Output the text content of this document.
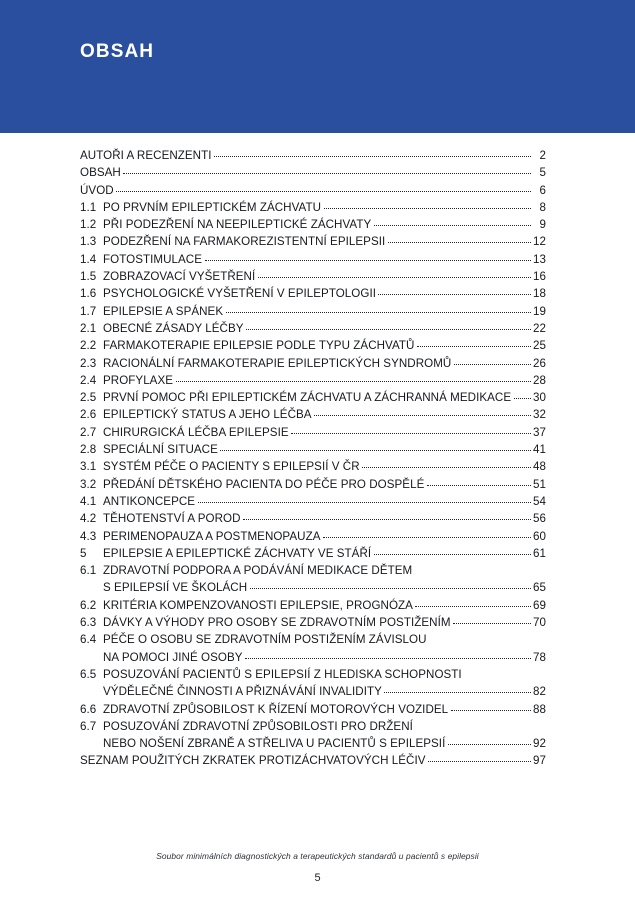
OBSAH
AUTOŘI A RECENZENTI	2
OBSAH	5
ÚVOD	6
1.1 PO PRVNÍM EPILEPTICKÉM ZÁCHVATU	8
1.2 PŘI PODEZŘENÍ NA NEEPILEPTICKÉ ZÁCHVATY	9
1.3 PODEZŘENÍ NA FARMAKOREZISTENTNÍ EPILEPSII	12
1.4 FOTOSTIMULACE	13
1.5 ZOBRAZOVACÍ VYŠETŘENÍ	16
1.6 PSYCHOLOGICKÉ VYŠETŘENÍ V EPILEPTOLOGII	18
1.7 EPILEPSIE A SPÁNEK	19
2.1 OBECNÉ ZÁSADY LÉČBY	22
2.2 FARMAKOTERAPIE EPILEPSIE PODLE TYPU ZÁCHVATŮ	25
2.3 RACIONÁLNÍ FARMAKOTERAPIE EPILEPTICKÝCH SYNDROMŮ	26
2.4 PROFYLAXE	28
2.5 PRVNÍ POMOC PŘI EPILEPTICKÉM ZÁCHVATU A ZÁCHRANNÁ MEDIKACE 30
2.6 EPILEPTICKÝ STATUS A JEHO LÉČBA	32
2.7 CHIRURGICKÁ LÉČBA EPILEPSIE	37
2.8 SPECIÁLNÍ SITUACE	41
3.1 SYSTÉM PÉČE O PACIENTY S EPILEPSIÍ V ČR	48
3.2 PŘEDÁNÍ DĚTSKÉHO PACIENTA DO PÉČE PRO DOSPĚLÉ	51
4.1 ANTIKONCEPCE	54
4.2 TĚHOTENSTVÍ A POROD	56
4.3 PERIMENOPAUZA A POSTMENOPAUZA	60
5	EPILEPSIE A EPILEPTICKÉ ZÁCHVATY VE STÁŘÍ	61
6.1 ZDRAVOTNÍ PODPORA A PODÁVÁNÍ MEDIKACE DĚTEM
S EPILEPSIÍ VE ŠKOLÁCH	65
6.2 KRITÉRIA KOMPENZOVANOSTI EPILEPSIE, PROGNÓZA	69
6.3 DÁVKY A VÝHODY PRO OSOBY SE ZDRAVOTNÍM POSTIŽENÍM	70
6.4 PÉČE O OSOBU SE ZDRAVOTNÍM POSTIŽENÍM ZÁVISLOU
NA POMOCI JINÉ OSOBY	78
6.5 POSUZOVÁNÍ PACIENTŮ S EPILEPSIÍ Z HLEDISKA SCHOPNOSTI
VÝDĚLEČNÉ ČINNOSTI A PŘIZNÁVÁNÍ INVALIDITY	82
6.6 ZDRAVOTNÍ ZPŮSOBILOST K ŘÍZENÍ MOTOROVÝCH VOZIDEL	88
6.7 POSUZOVÁNÍ ZDRAVOTNÍ ZPŮSOBILOSTI PRO DRŽENÍ
NEBO NOŠENÍ ZBRANĚ A STŘELIVA U PACIENTŮ S EPILEPSIÍ	92
SEZNAM POUŽITÝCH ZKRATEK PROTIZÁCHVATOVÝCH LÉČIV	97
Soubor minimálních diagnostických a terapeutických standardů u pacientů s epilepsii
5
